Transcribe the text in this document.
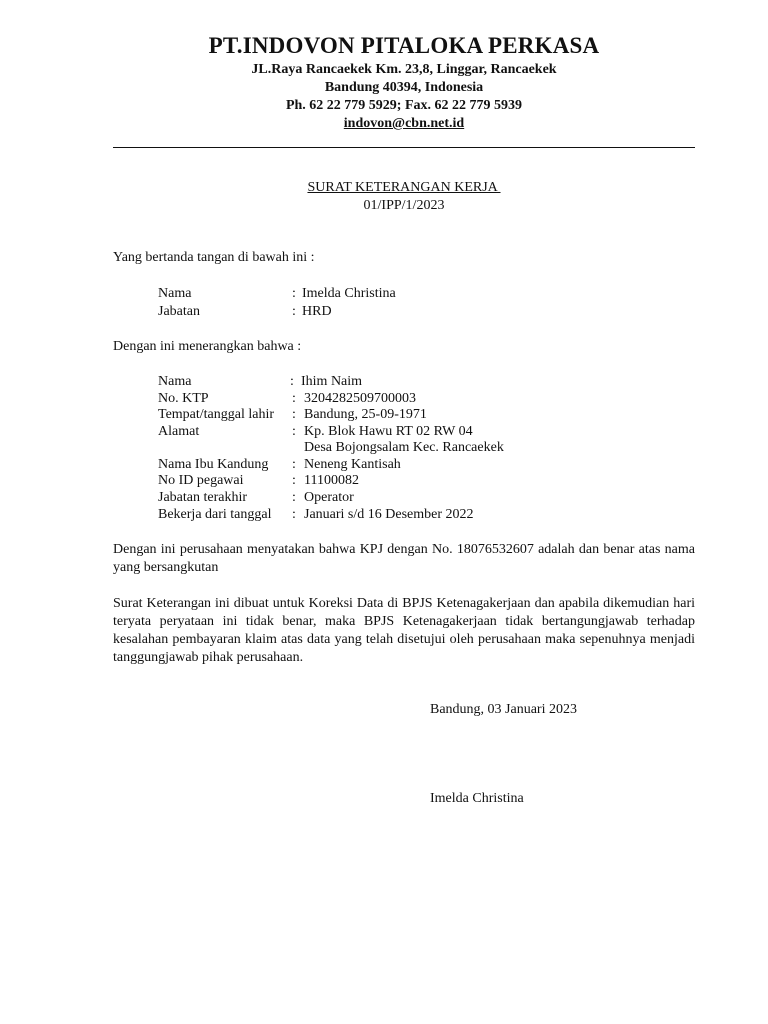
PT.INDOVON PITALOKA PERKASA
JL.Raya Rancaekek Km. 23,8, Linggar, Rancaekek
Bandung 40394, Indonesia
Ph. 62 22 779 5929; Fax. 62 22 779 5939
indovon@cbn.net.id
SURAT KETERANGAN KERJA
01/IPP/1/2023
Yang bertanda tangan di bawah ini :
Nama	: Imelda Christina
Jabatan	: HRD
Dengan ini menerangkan bahwa :
Nama	: Ihim Naim
No. KTP	: 3204282509700003
Tempat/tanggal lahir : Bandung, 25-09-1971
Alamat	: Kp. Blok Hawu RT 02 RW 04
Desa Bojongsalam Kec. Rancaekek
Nama Ibu Kandung : Neneng Kantisah
No ID pegawai	: 11100082
Jabatan terakhir	: Operator
Bekerja dari tanggal : Januari s/d 16 Desember 2022
Dengan ini perusahaan menyatakan bahwa KPJ dengan No. 18076532607 adalah dan benar atas nama yang bersangkutan
Surat Keterangan ini dibuat untuk Koreksi Data di BPJS Ketenagakerjaan dan apabila dikemudian hari teryata peryataan ini tidak benar, maka BPJS Ketenagakerjaan tidak bertangungjawab terhadap kesalahan pembayaran klaim atas data yang telah disetujui oleh perusahaan maka sepenuhnya menjadi tanggungjawab pihak perusahaan.
Bandung, 03 Januari 2023
Imelda Christina
